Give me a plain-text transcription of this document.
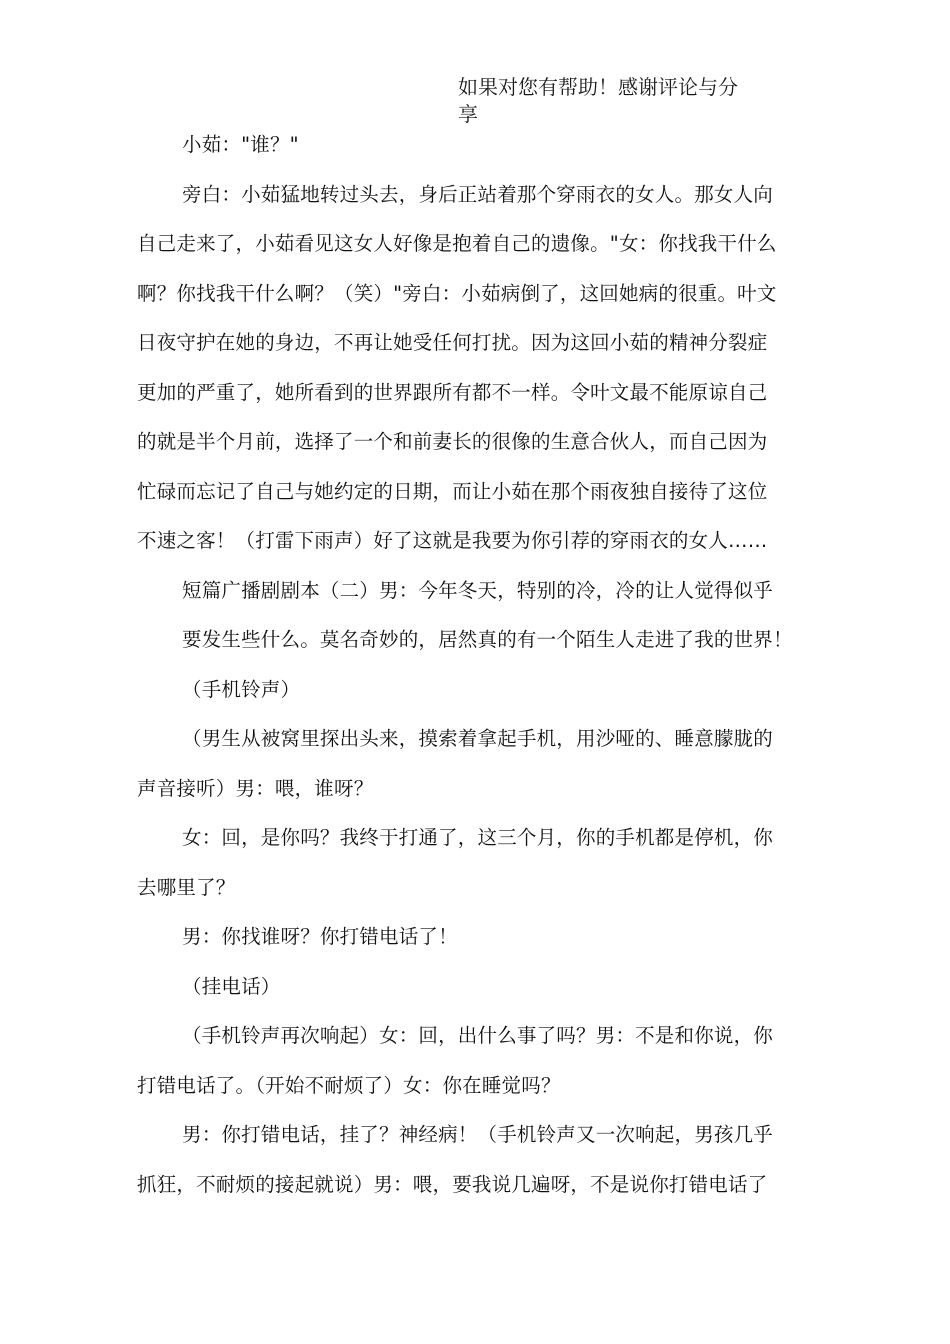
如果对您有帮助！感谢评论与分
享

小茹："谁？"

旁白：小茹猛地转过头去，身后正站着那个穿雨衣的女人。那女人向

自己走来了，小茹看见这女人好像是抱着自己的遗像。"女：你找我干什么

啊？你找我干什么啊？（笑）"旁白：小茹病倒了，这回她病的很重。叶文

日夜守护在她的身边，不再让她受任何打扰。因为这回小茹的精神分裂症

更加的严重了，她所看到的世界跟所有都不一样。令叶文最不能原谅自己

的就是半个月前，选择了一个和前妻长的很像的生意合伙人，而自己因为

忙碌而忘记了自己与她约定的日期，而让小茹在那个雨夜独自接待了这位

不速之客！（打雷下雨声）好了这就是我要为你引荐的穿雨衣的女人……

短篇广播剧剧本（二）男：今年冬天，特别的冷，冷的让人觉得似乎

要发生些什么。莫名奇妙的，居然真的有一个陌生人走进了我的世界！

（手机铃声）

（男生从被窝里探出头来，摸索着拿起手机，用沙哑的、睡意朦胧的

声音接听）男：喂，谁呀？

女：回，是你吗？我终于打通了，这三个月，你的手机都是停机，你

去哪里了？

男：你找谁呀？你打错电话了！

（挂电话）

（手机铃声再次响起）女：回，出什么事了吗？男：不是和你说，你

打错电话了。（开始不耐烦了）女：你在睡觉吗？

男：你打错电话，挂了？神经病！（手机铃声又一次响起，男孩几乎

抓狂，不耐烦的接起就说）男：喂，要我说几遍呀，不是说你打错电话了
